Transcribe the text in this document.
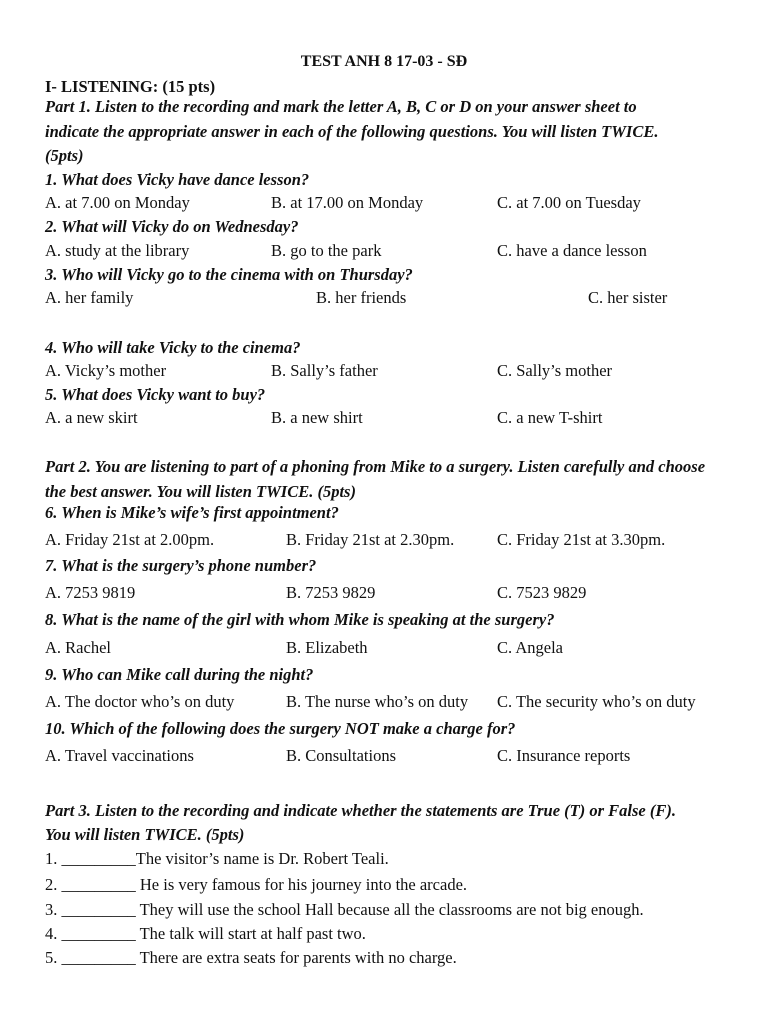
TEST ANH 8 17-03 - SĐ
I- LISTENING: (15 pts)
Part 1. Listen to the recording and mark the letter A, B, C or D on your answer sheet to
indicate the appropriate answer in each of the following questions. You will listen TWICE.
(5pts)
1. What does Vicky have dance lesson?
A. at 7.00 on Monday	B. at 17.00 on Monday	C. at 7.00 on Tuesday
2. What will Vicky do on Wednesday?
A. study at the library	B. go to the park	C. have a dance lesson
3. Who will Vicky go to the cinema with on Thursday?
A. her family	B. her friends	C. her sister
4. Who will take Vicky to the cinema?
A. Vicky’s mother	B. Sally’s father	C. Sally’s mother
5. What does Vicky want to buy?
A. a new skirt	B. a new shirt	C. a new T-shirt
Part 2. You are listening to part of a phoning from Mike to a surgery. Listen carefully and choose
the best answer. You will listen TWICE. (5pts)
6. When is Mike’s wife’s first appointment?
A. Friday 21st at 2.00pm.	B. Friday 21st at 2.30pm.	C. Friday 21st at 3.30pm.
7. What is the surgery’s phone number?
A. 7253 9819	B. 7253 9829	C. 7523 9829
8. What is the name of the girl with whom Mike is speaking at the surgery?
A. Rachel	B. Elizabeth	C. Angela
9. Who can Mike call during the night?
A. The doctor who’s on duty	B. The nurse who’s on duty C. The security who’s on duty
10. Which of the following does the surgery NOT make a charge for?
A. Travel vaccinations	B. Consultations	C. Insurance reports
Part 3. Listen to the recording and indicate whether the statements are True (T) or False (F).
You will listen TWICE. (5pts)
1. _________The visitor’s name is Dr. Robert Teali.
2. _________ He is very famous for his journey into the arcade.
3. _________ They will use the school Hall because all the classrooms are not big enough.
4. _________ The talk will start at half past two.
5. _________ There are extra seats for parents with no charge.
